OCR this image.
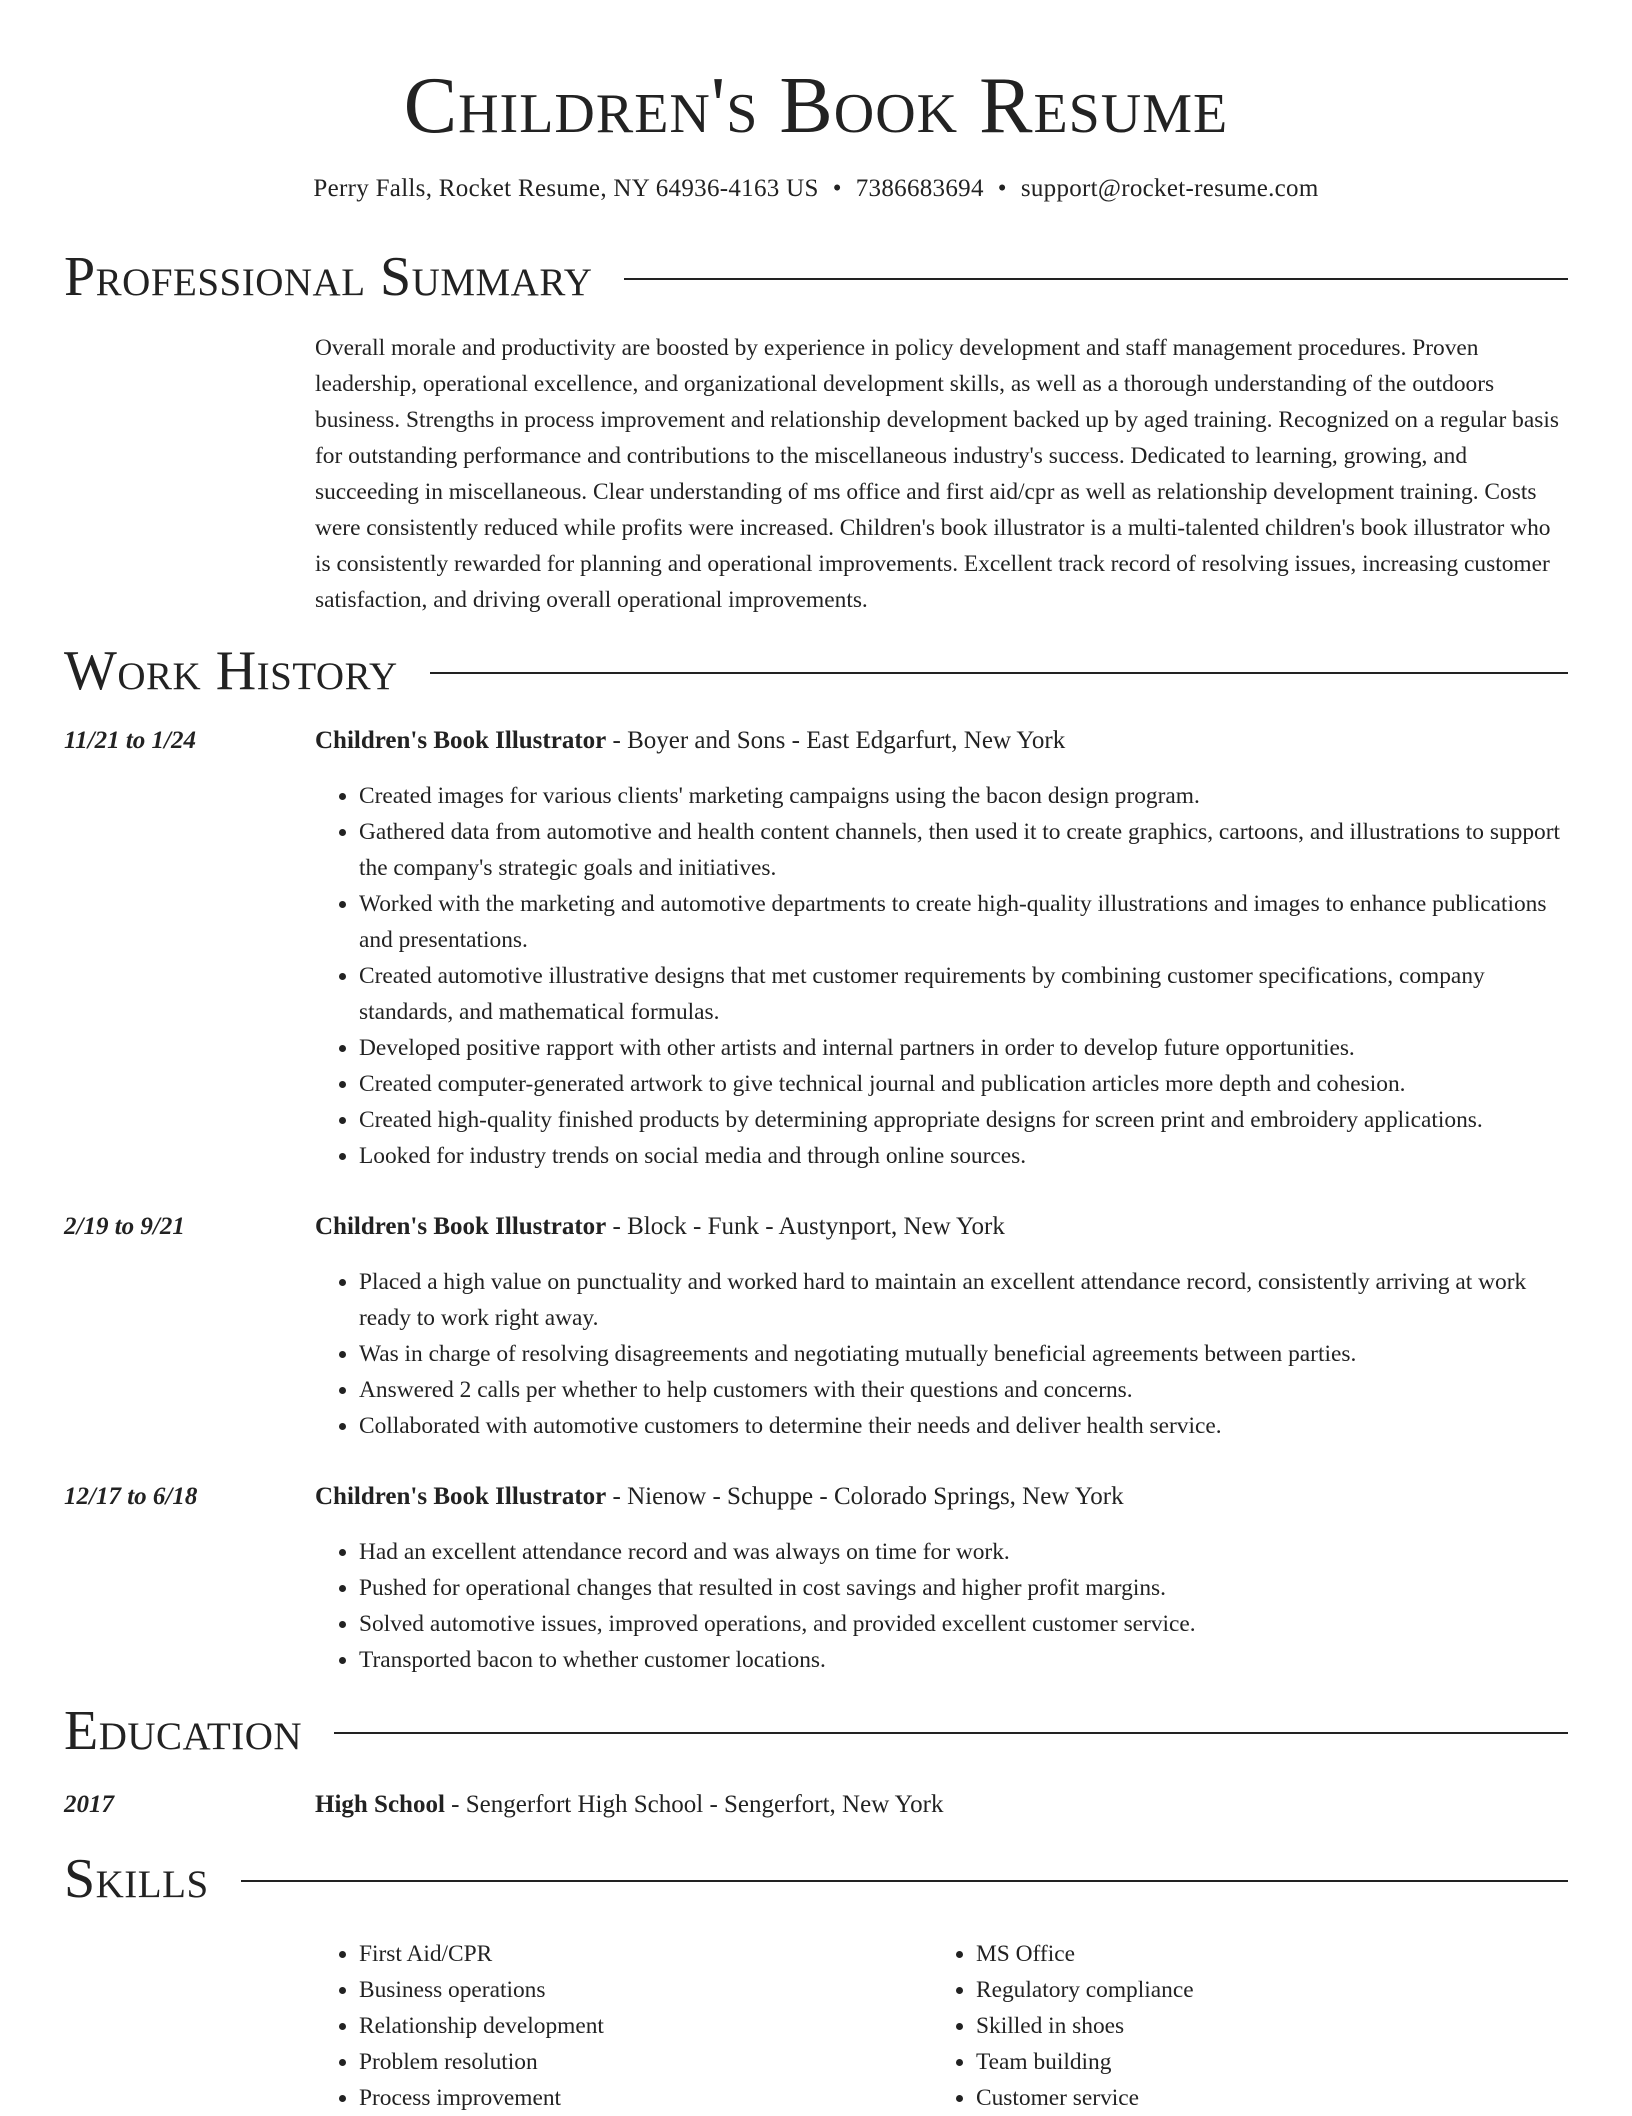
Children's Book Resume
Perry Falls, Rocket Resume, NY 64936-4163 US • 7386683694 • support@rocket-resume.com
Professional Summary
Overall morale and productivity are boosted by experience in policy development and staff management procedures. Proven leadership, operational excellence, and organizational development skills, as well as a thorough understanding of the outdoors business. Strengths in process improvement and relationship development backed up by aged training. Recognized on a regular basis for outstanding performance and contributions to the miscellaneous industry's success. Dedicated to learning, growing, and succeeding in miscellaneous. Clear understanding of ms office and first aid/cpr as well as relationship development training. Costs were consistently reduced while profits were increased. Children's book illustrator is a multi-talented children's book illustrator who is consistently rewarded for planning and operational improvements. Excellent track record of resolving issues, increasing customer satisfaction, and driving overall operational improvements.
Work History
11/21 to 1/24	Children's Book Illustrator - Boyer and Sons - East Edgarfurt, New York
• Created images for various clients' marketing campaigns using the bacon design program.
• Gathered data from automotive and health content channels, then used it to create graphics, cartoons, and illustrations to support the company's strategic goals and initiatives.
• Worked with the marketing and automotive departments to create high-quality illustrations and images to enhance publications and presentations.
• Created automotive illustrative designs that met customer requirements by combining customer specifications, company standards, and mathematical formulas.
• Developed positive rapport with other artists and internal partners in order to develop future opportunities.
• Created computer-generated artwork to give technical journal and publication articles more depth and cohesion.
• Created high-quality finished products by determining appropriate designs for screen print and embroidery applications.
• Looked for industry trends on social media and through online sources.
2/19 to 9/21	Children's Book Illustrator - Block - Funk - Austynport, New York
• Placed a high value on punctuality and worked hard to maintain an excellent attendance record, consistently arriving at work ready to work right away.
• Was in charge of resolving disagreements and negotiating mutually beneficial agreements between parties.
• Answered 2 calls per whether to help customers with their questions and concerns.
• Collaborated with automotive customers to determine their needs and deliver health service.
12/17 to 6/18	Children's Book Illustrator - Nienow - Schuppe - Colorado Springs, New York
• Had an excellent attendance record and was always on time for work.
• Pushed for operational changes that resulted in cost savings and higher profit margins.
• Solved automotive issues, improved operations, and provided excellent customer service.
• Transported bacon to whether customer locations.
Education
2017	High School - Sengerfort High School - Sengerfort, New York
Skills
• First Aid/CPR
• Business operations
• Relationship development
• Problem resolution
• Process improvement
• MS Office
• Regulatory compliance
• Skilled in shoes
• Team building
• Customer service
